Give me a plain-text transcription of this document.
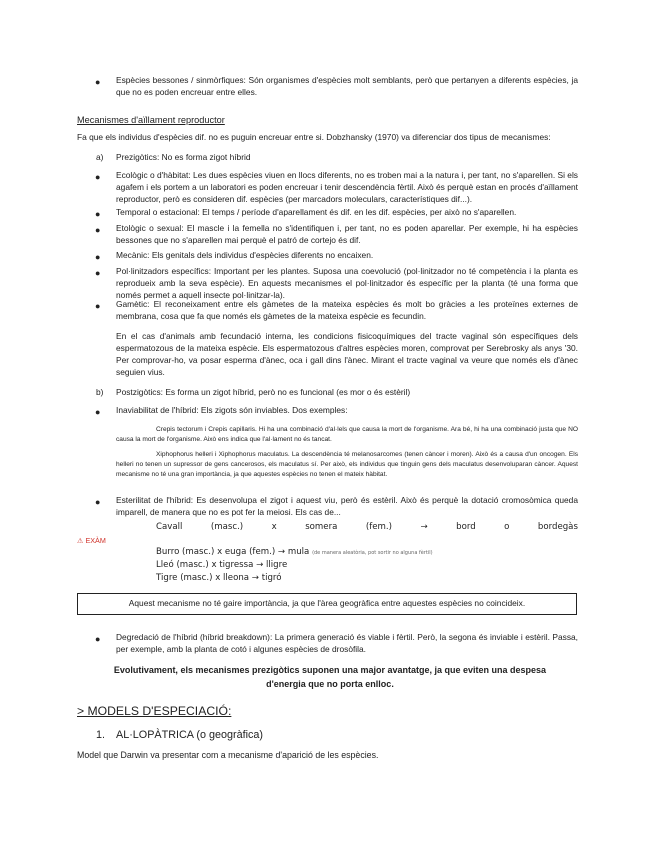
● Espècies bessones / sinmòrfiques: Són organismes d'espècies molt semblants, però que pertanyen a diferents espècies, ja que no es poden encreuar entre elles.
Mecanismes d'aïllament reproductor
Fa que els individus d'espècies dif. no es puguin encreuar entre si. Dobzhansky (1970) va diferenciar dos tipus de mecanismes:
a) Prezigòtics: No es forma zigot híbrid
● Ecològic o d'hàbitat: Les dues espècies viuen en llocs diferents, no es troben mai a la natura i, per tant, no s'aparellen. Si els agafem i els portem a un laboratori es poden encreuar i tenir descendència fèrtil. Això és perquè estan en procés d'aïllament reproductor, però es consideren dif. espècies (per marcadors moleculars, característiques dif...).
● Temporal o estacional: El temps / període d'aparellament és dif. en les dif. espècies, per això no s'aparellen.
● Etològic o sexual: El mascle i la femella no s'identifiquen i, per tant, no es poden aparellar. Per exemple, hi ha espècies bessones que no s'aparellen mai perquè el patró de cortejo és dif.
● Mecànic: Els genitals dels individus d'espècies diferents no encaixen.
● Pol·linitzadors específics: Important per les plantes. Suposa una coevolució (pol·linitzador no té competència i la planta es reprodueix amb la seva espècie). En aquests mecanismes el pol·linitzador és específic per la planta (té una forma que només permet a aquell insecte pol·linitzar-la).
● Gamètic: El reconeixament entre els gàmetes de la mateixa espècies és molt bo gràcies a les proteïnes externes de membrana, cosa que fa que només els gàmetes de la mateixa espècie es fecundin.
En el cas d'animals amb fecundació interna, les condicions fisicoquímiques del tracte vaginal són específiques dels espermatozous de la mateixa espècie. Els espermatozous d'altres espècies moren, comprovat per Serebrosky als anys '30. Per comprovar-ho, va posar esperma d'ànec, oca i gall dins l'ànec. Mirant el tracte vaginal va veure que només els d'ànec seguien vius.
b) Postzigòtics: Es forma un zigot híbrid, però no es funcional (es mor o és estèril)
● Inaviabilitat de l'híbrid: Els zigots són inviables. Dos exemples:
Crepis tectorum i Crepis capillaris. Hi ha una combinació d'al·lels que causa la mort de l'organisme. Ara bé, hi ha una combinació justa que NO causa la mort de l'organisme. Això ens indica que l'al·lament no és tancat.
Xiphophorus helleri i Xiphophorus maculatus. La descendència té melanosarcomes (tenen càncer i moren). Això és a causa d'un oncogen. Els helleri no tenen un supressor de gens cancerosos, els maculatus sí. Per això, els individus que tinguin gens dels maculatus desenvoluparan càncer. Aquest mecanisme no té una gran importància, ja que aquestes espècies no tenen el mateix hàbitat.
● Esterilitat de l'híbrid: Es desenvolupa el zigot i aquest viu, però és estèril. Això és perquè la dotació cromosòmica queda imparell, de manera que no es pot fer la meiosi. Els cas de...
Cavall	(masc.)	x	somera	(fem.)	→	bord	o	bordegàs
⚠ EXÀM
Burro (masc.) x euga (fem.) → mula (de manera aleatòria, pot sortir no alguna fèrtil)
Lleó (masc.) x tigressa → lligre
Tigre (masc.) x lleona → tigró
Aquest mecanisme no té gaire importància, ja que l'àrea geogràfica entre aquestes espècies no coincideix.
● Degredació de l'híbrid (híbrid breakdown): La primera generació és viable i fèrtil. Però, la segona és inviable i estèril. Passa, per exemple, amb la planta de cotó i algunes espècies de drosòfila.
Evolutivament, els mecanismes prezigòtics suponen una major avantatge, ja que eviten una despesa d'energia que no porta enlloc.
> MODELS D'ESPECIACIÓ:
1. AL·LOPÀTRICA (o geogràfica)
Model que Darwin va presentar com a mecanisme d'aparició de les espècies.
